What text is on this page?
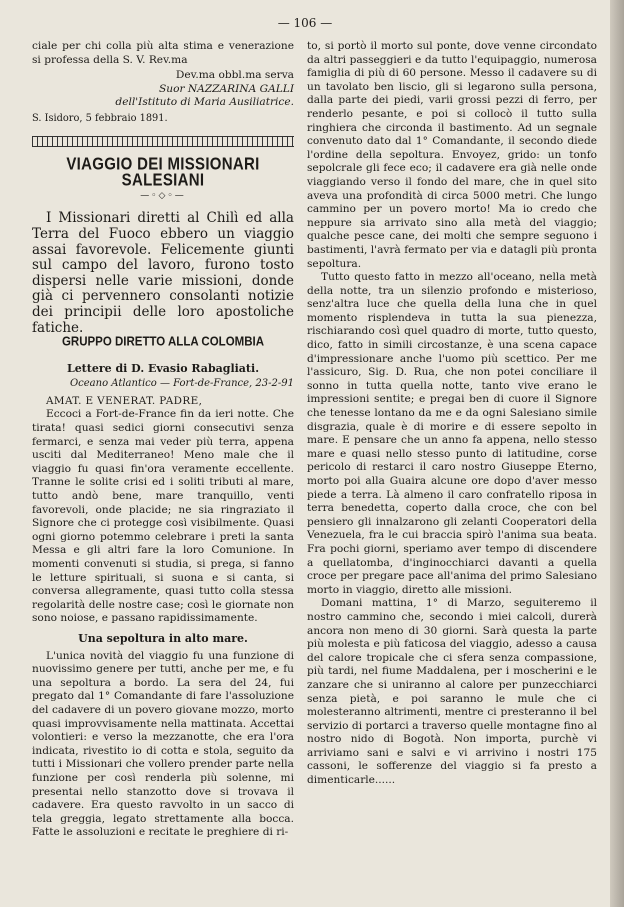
— 106 —

ciale per chi colla più alta stima e venerazione si professa della S. V. Rev.ma

Dev.ma obbl.ma serva
Suor NAZZARINA GALLI
dell'Istituto di Maria Ausiliatrice.
S. Isidoro, 5 febbraio 1891.
VIAGGIO DEI MISSIONARI SALESIANI
—◦◇◦—

I Missionari diretti al Chilì ed alla Terra del Fuoco ebbero un viaggio assai favorevole. Felicemente giunti sul campo del lavoro, furono tosto dispersi nelle varie missioni, donde già ci pervennero consolanti notizie dei principii delle loro apostoliche fatiche.

GRUPPO DIRETTO ALLA COLOMBIA
Lettere di D. Evasio Rabagliati.
Oceano Atlantico — Fort-de-France, 23-2-91

AMAT. E VENERAT. PADRE,

Eccoci a Fort-de-France fin da ieri notte. Che tirata! quasi sedici giorni consecutivi senza fermarci, e senza mai veder più terra, appena usciti dal Mediterraneo! Meno male che il viaggio fu quasi fin'ora veramente eccellente. Tranne le solite crisi ed i soliti tributi al mare, tutto andò bene, mare tranquillo, venti favorevoli, onde placide; ne sia ringraziato il Signore che ci protegge così visibilmente. Quasi ogni giorno potemmo celebrare i preti la santa Messa e gli altri fare la loro Comunione. In momenti convenuti si studia, si prega, si fanno le letture spirituali, si suona e si canta, si conversa allegramente, quasi tutto colla stessa regolarità delle nostre case; così le giornate non sono noiose, e passano rapidissimamente.

Una sepoltura in alto mare.

L'unica novità del viaggio fu una funzione di nuovissimo genere per tutti, anche per me, e fu una sepoltura a bordo. La sera del 24, fui pregato dal 1° Comandante di fare l'assoluzione del cadavere di un povero giovane mozzo, morto quasi improvvisamente nella mattinata. Accettai volontieri: e verso la mezzanotte, che era l'ora indicata, rivestito io di cotta e stola, seguito da tutti i Missionari che vollero prender parte nella funzione per così renderla più solenne, mi presentai nello stanzotto dove si trovava il cadavere. Era questo ravvolto in un sacco di tela greggia, legato strettamente alla bocca. Fatte le assoluzioni e recitate le preghiere di ri-

to, si portò il morto sul ponte, dove venne circondato da altri passeggieri e da tutto l'equipaggio, numerosa famiglia di più di 60 persone. Messo il cadavere su di un tavolato ben liscio, gli si legarono sulla persona, dalla parte dei piedi, varii grossi pezzi di ferro, per renderlo pesante, e poi si collocò il tutto sulla ringhiera che circonda il bastimento. Ad un segnale convenuto dato dal 1° Comandante, il secondo diede l'ordine della sepoltura. Envoyez, grido: un tonfo sepolcrale gli fece eco; il cadavere era già nelle onde viaggiando verso il fondo del mare, che in quel sito aveva una profondità di circa 5000 metri. Che lungo cammino per un povero morto! Ma io credo che neppure sia arrivato sino alla metà del viaggio; qualche pesce cane, dei molti che sempre seguono i bastimenti, l'avrà fermato per via e datagli più pronta sepoltura.

Tutto questo fatto in mezzo all'oceano, nella metà della notte, tra un silenzio profondo e misterioso, senz'altra luce che quella della luna che in quel momento risplendeva in tutta la sua pienezza, rischiarando così quel quadro di morte, tutto questo, dico, fatto in simili circostanze, è una scena capace d'impressionare anche l'uomo più scettico. Per me l'assicuro, Sig. D. Rua, che non potei conciliare il sonno in tutta quella notte, tanto vive erano le impressioni sentite; e pregai ben di cuore il Signore che tenesse lontano da me e da ogni Salesiano simile disgrazia, quale è di morire e di essere sepolto in mare. E pensare che un anno fa appena, nello stesso mare e quasi nello stesso punto di latitudine, corse pericolo di restarci il caro nostro Giuseppe Eterno, morto poi alla Guaira alcune ore dopo d'aver messo piede a terra. Là almeno il caro confratello riposa in terra benedetta, coperto dalla croce, che con bel pensiero gli innalzarono gli zelanti Cooperatori della Venezuela, fra le cui braccia spirò l'anima sua beata. Fra pochi giorni, speriamo aver tempo di discendere a quellatomba, d'inginocchiarci davanti a quella croce per pregare pace all'anima del primo Salesiano morto in viaggio, diretto alle missioni.

Domani mattina, 1° di Marzo, seguiteremo il nostro cammino che, secondo i miei calcoli, durerà ancora non meno di 30 giorni. Sarà questa la parte più molesta e più faticosa del viaggio, adesso a causa del calore tropicale che ci sfera senza compassione, più tardi, nel fiume Maddalena, per i moscherini e le zanzare che si uniranno al calore per punzecchiarci senza pietà, e poi saranno le mule che ci molesteranno altrimenti, mentre ci presteranno il bel servizio di portarci a traverso quelle montagne fino al nostro nido di Bogotà. Non importa, purchè vi arriviamo sani e salvi e vi arrivino i nostri 175 cassoni, le sofferenze del viaggio si fa presto a dimenticarle......
